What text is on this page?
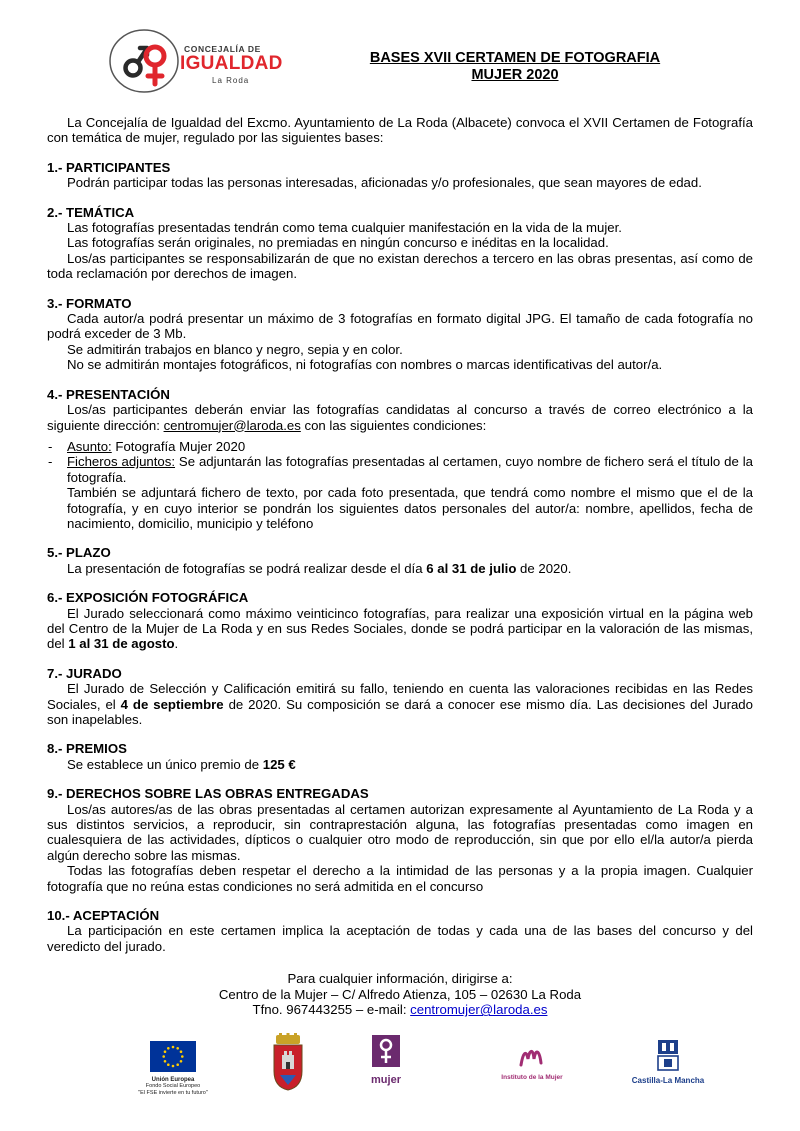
CONCEJALÍA DE
IGUALDAD
La Roda
BASES XVII CERTAMEN DE FOTOGRAFIA
MUJER 2020

La Concejalía de Igualdad del Excmo. Ayuntamiento de La Roda (Albacete) convoca el XVII Certamen de Fotografía con temática de mujer, regulado por las siguientes bases:

1.- PARTICIPANTES

Podrán participar todas las personas interesadas, aficionadas y/o profesionales, que sean mayores de edad.

2.- TEMÁTICA

Las fotografías presentadas tendrán como tema cualquier manifestación en la vida de la mujer.

Las fotografías serán originales, no premiadas en ningún concurso e inéditas en la localidad.

Los/as participantes se responsabilizarán de que no existan derechos a tercero en las obras presentas, así como de toda reclamación por derechos de imagen.

3.- FORMATO

Cada autor/a podrá presentar un máximo de 3 fotografías en formato digital JPG. El tamaño de cada fotografía no podrá exceder de 3 Mb.

Se admitirán trabajos en blanco y negro, sepia y en color.

No se admitirán montajes fotográficos, ni fotografías con nombres o marcas identificativas del autor/a.

4.- PRESENTACIÓN

Los/as participantes deberán enviar las fotografías candidatas al concurso a través de correo electrónico a la siguiente dirección: centromujer@laroda.es con las siguientes condiciones:

- Asunto: Fotografía Mujer 2020

- Ficheros adjuntos: Se adjuntarán las fotografías presentadas al certamen, cuyo nombre de fichero será el título de la fotografía.

También se adjuntará fichero de texto, por cada foto presentada, que tendrá como nombre el mismo que el de la fotografía, y en cuyo interior se pondrán los siguientes datos personales del autor/a: nombre, apellidos, fecha de nacimiento, domicilio, municipio y teléfono

5.- PLAZO

La presentación de fotografías se podrá realizar desde el día 6 al 31 de julio de 2020.

6.- EXPOSICIÓN FOTOGRÁFICA

El Jurado seleccionará como máximo veinticinco fotografías, para realizar una exposición virtual en la página web del Centro de la Mujer de La Roda y en sus Redes Sociales, donde se podrá participar en la valoración de las mismas, del 1 al 31 de agosto.

7.- JURADO

El Jurado de Selección y Calificación emitirá su fallo, teniendo en cuenta las valoraciones recibidas en las Redes Sociales, el 4 de septiembre de 2020. Su composición se dará a conocer ese mismo día. Las decisiones del Jurado son inapelables.

8.- PREMIOS

Se establece un único premio de 125 €

9.- DERECHOS SOBRE LAS OBRAS ENTREGADAS

Los/as autores/as de las obras presentadas al certamen autorizan expresamente al Ayuntamiento de La Roda y a sus distintos servicios, a reproducir, sin contraprestación alguna, las fotografías presentadas como imagen en cualesquiera de las actividades, dípticos o cualquier otro modo de reproducción, sin que por ello el/la autor/a pierda algún derecho sobre las mismas.

Todas las fotografías deben respetar el derecho a la intimidad de las personas y a la propia imagen. Cualquier fotografía que no reúna estas condiciones no será admitida en el concurso

10.- ACEPTACIÓN

La participación en este certamen implica la aceptación de todas y cada una de las bases del concurso y del veredicto del jurado.

Para cualquier información, dirigirse a:

Centro de la Mujer – C/ Alfredo Atienza, 105 – 02630 La Roda

Tfno. 967443255 – e-mail: centromujer@laroda.es

Unión Europea
Fondo Social Europeo
"El FSE invierte en tu futuro"
mujer	Instituto de la Mujer	Castilla-La Mancha
